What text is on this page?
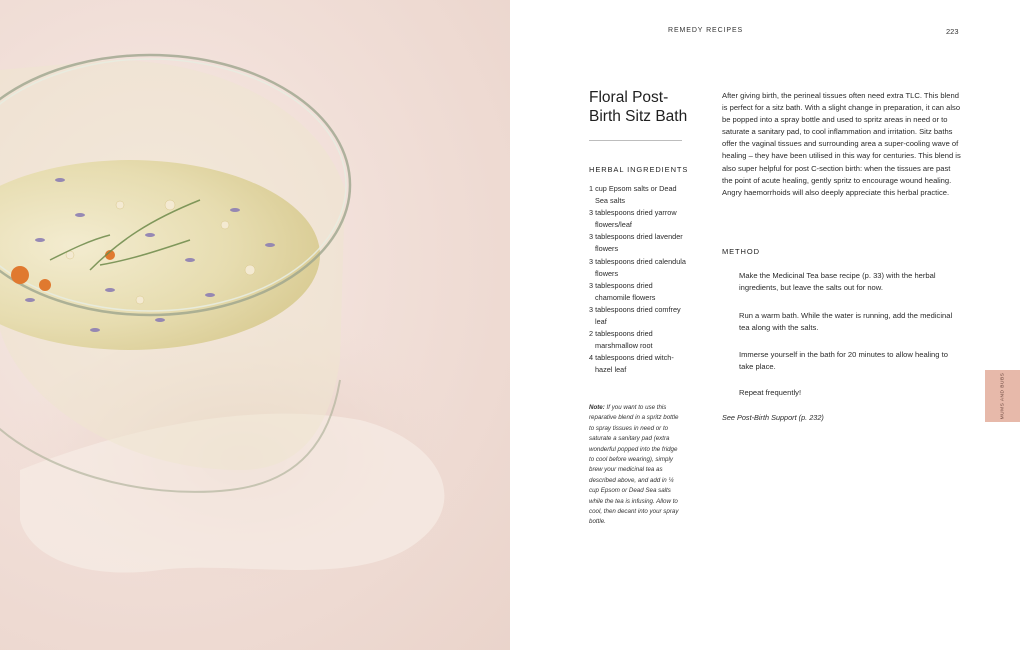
REMEDY RECIPES	223
Floral Post-Birth Sitz Bath
HERBAL INGREDIENTS
1 cup Epsom salts or Dead Sea salts
3 tablespoons dried yarrow flowers/leaf
3 tablespoons dried lavender flowers
3 tablespoons dried calendula flowers
3 tablespoons dried chamomile flowers
3 tablespoons dried comfrey leaf
2 tablespoons dried marshmallow root
4 tablespoons dried witch-hazel leaf

Note: If you want to use this reparative blend in a spritz bottle to spray tissues in need or to saturate a sanitary pad (extra wonderful popped into the fridge to cool before wearing), simply brew your medicinal tea as described above, and add in ¼ cup Epsom or Dead Sea salts while the tea is infusing. Allow to cool, then decant into your spray bottle.

After giving birth, the perineal tissues often need extra TLC. This blend is perfect for a sitz bath. With a slight change in preparation, it can also be popped into a spray bottle and used to spritz areas in need or to saturate a sanitary pad, to cool inflammation and irritation. Sitz baths offer the vaginal tissues and surrounding area a super-cooling wave of healing – they have been utilised in this way for centuries. This blend is also super helpful for post C-section birth: when the tissues are past the point of acute healing, gently spritz to encourage wound healing. Angry haemorrhoids will also deeply appreciate this herbal practice.

METHOD

Make the Medicinal Tea base recipe (p. 33) with the herbal ingredients, but leave the salts out for now.

Run a warm bath. While the water is running, add the medicinal tea along with the salts.

Immerse yourself in the bath for 20 minutes to allow healing to take place.

Repeat frequently!

See Post-Birth Support (p. 232)	MUMS AND BUBS
